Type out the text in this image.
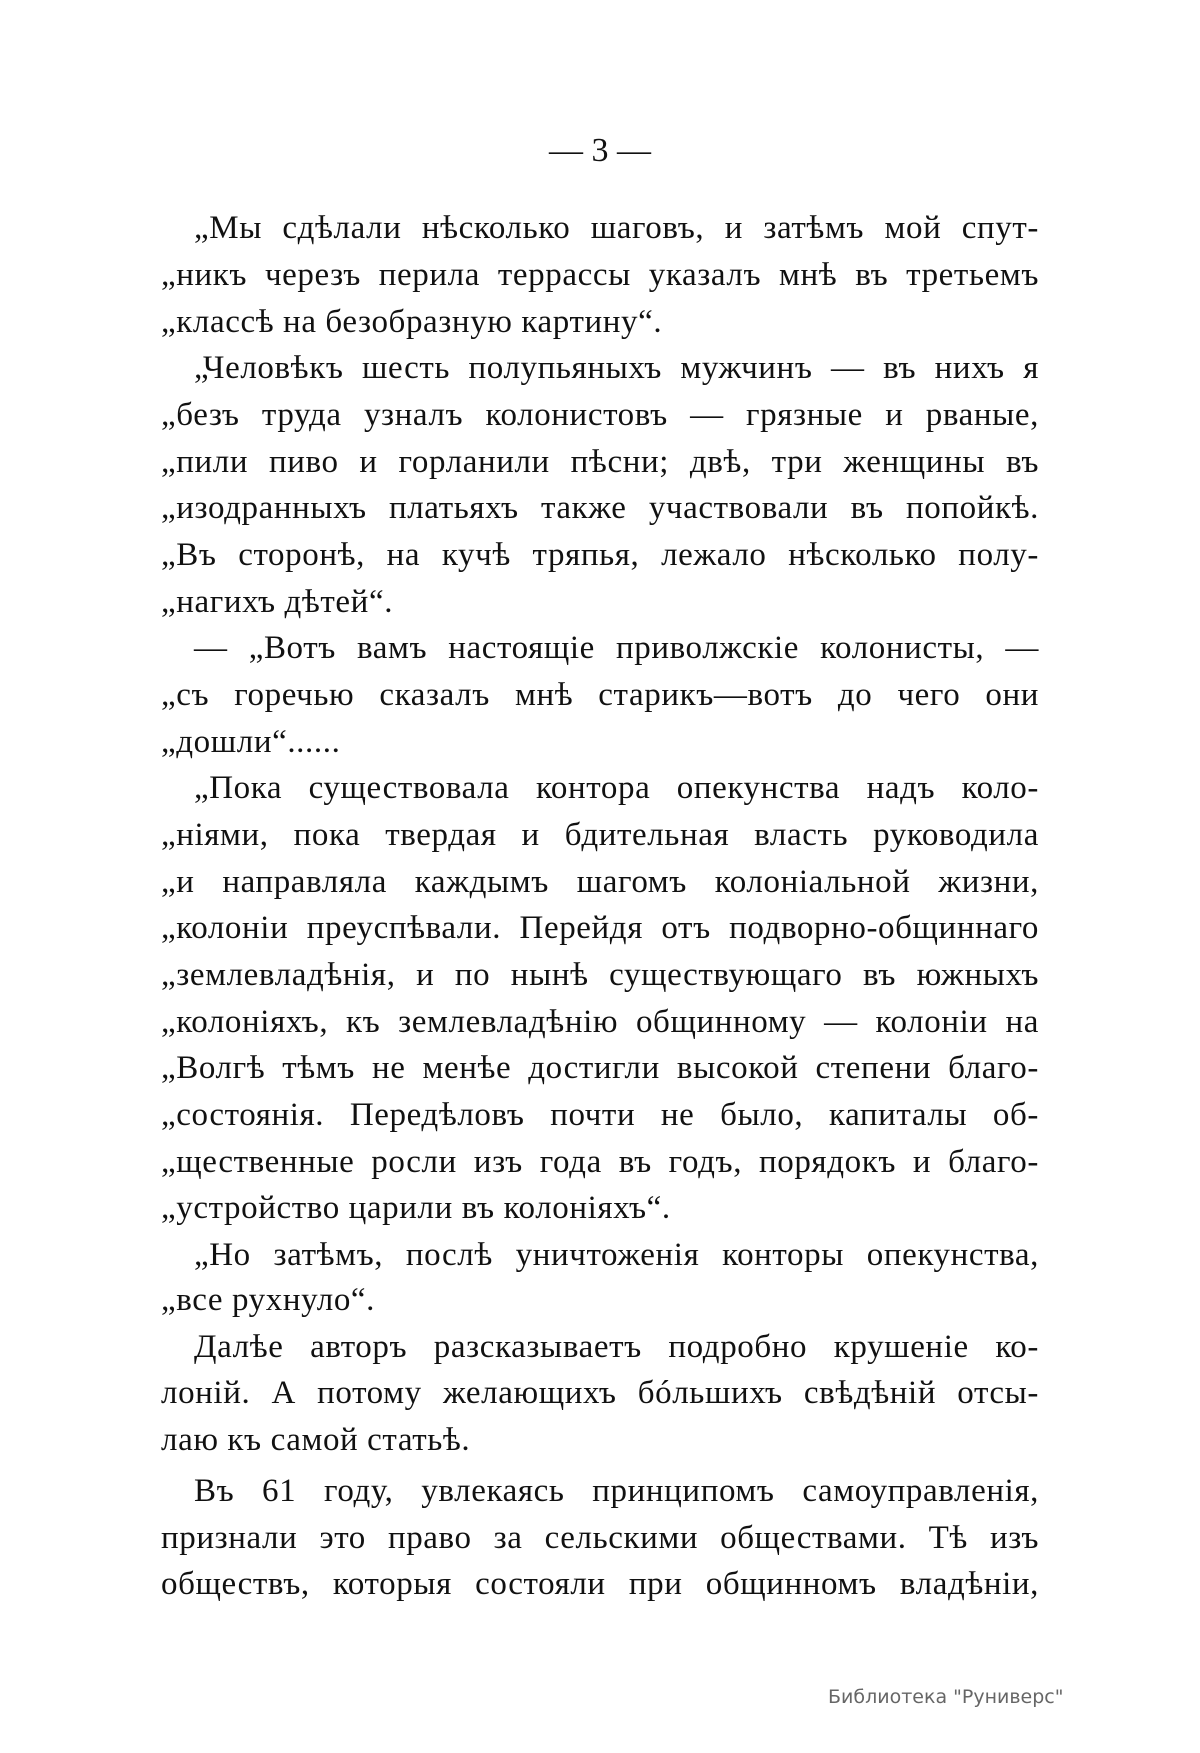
— 3 —
„Мы сдѣлали нѣсколько шаговъ, и затѣмъ мой спут-
„никъ черезъ перила террассы указалъ мнѣ въ третьемъ
„классѣ на безобразную картину“.
„Человѣкъ шесть полупьяныхъ мужчинъ — въ нихъ я
„безъ труда узналъ колонистовъ — грязные и рваные,
„пили пиво и горланили пѣсни; двѣ, три женщины въ
„изодранныхъ платьяхъ также участвовали въ попойкѣ.
„Въ сторонѣ, на кучѣ тряпья, лежало нѣсколько полу-
„нагихъ дѣтей“.
— „Вотъ вамъ настоящіе приволжскіе колонисты, —
„съ горечью сказалъ мнѣ старикъ—вотъ до чего они
„дошли“......
„Пока существовала контора опекунства надъ коло-
„ніями, пока твердая и бдительная власть руководила
„и направляла каждымъ шагомъ колоніальной жизни,
„колоніи преуспѣвали. Перейдя отъ подворно-общиннаго
„землевладѣнія, и по нынѣ существующаго въ южныхъ
„колоніяхъ, къ землевладѣнію общинному — колоніи на
„Волгѣ тѣмъ не менѣе достигли высокой степени благо-
„состоянія. Передѣловъ почти не было, капиталы об-
„щественные росли изъ года въ годъ, порядокъ и благо-
„устройство царили въ колоніяхъ“.
„Но затѣмъ, послѣ уничтоженія конторы опекунства,
„все рухнуло“.
Далѣе авторъ разсказываетъ подробно крушеніе ко-
лоній. А потому желающихъ бóльшихъ свѣдѣній отсы-
лаю къ самой статьѣ.
Въ 61 году, увлекаясь принципомъ самоуправленія,
признали это право за сельскими обществами. Тѣ изъ
обществъ, которыя состояли при общинномъ владѣніи,
Библиотека "Руниверс"
